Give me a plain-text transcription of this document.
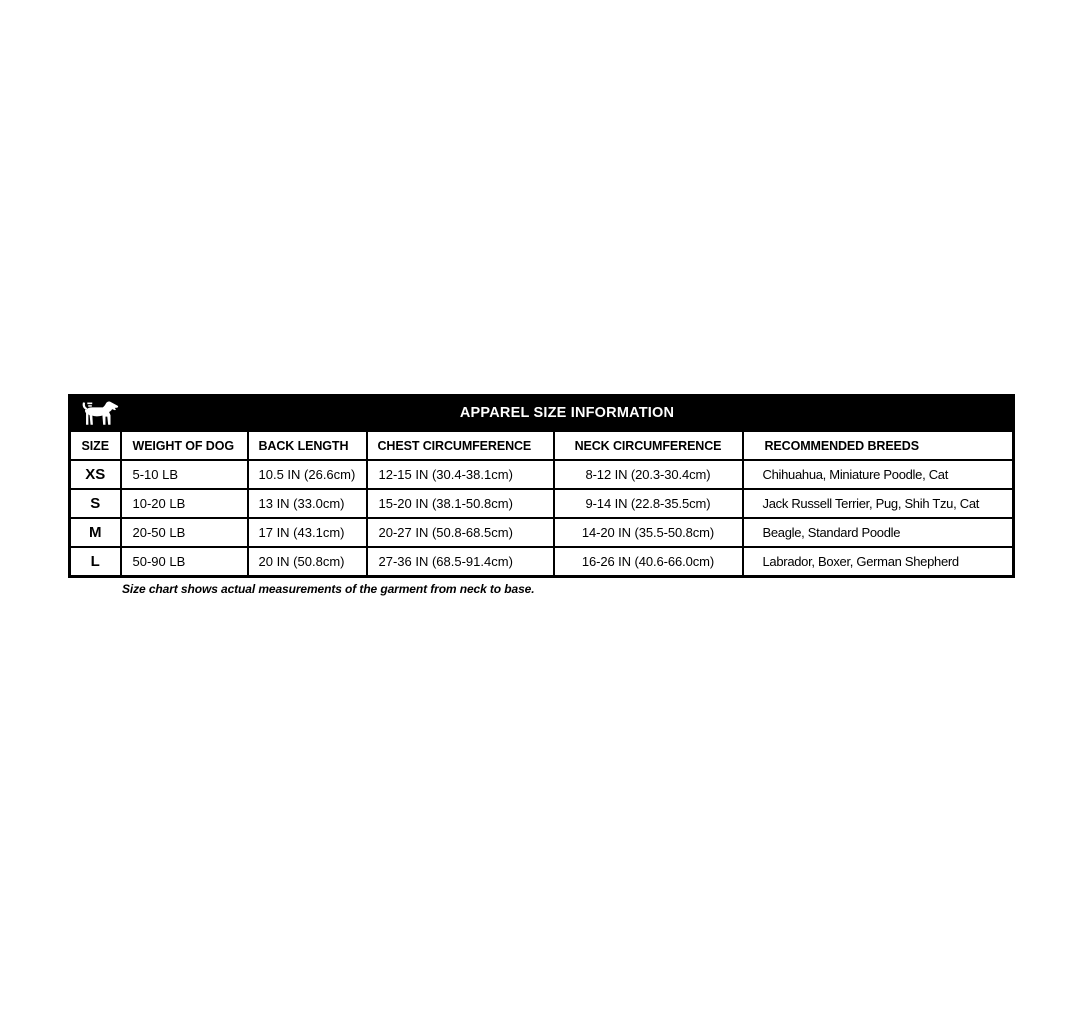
APPAREL SIZE INFORMATION					

SIZE	WEIGHT OF DOG	BACK LENGTH	CHEST CIRCUMFERENCE	NECK CIRCUMFERENCE	RECOMMENDED BREEDS
XS	5-10 LB	10.5 IN (26.6cm)	12-15 IN (30.4-38.1cm)	8-12 IN (20.3-30.4cm)	Chihuahua, Miniature Poodle, Cat
S	10-20 LB	13 IN (33.0cm)	15-20 IN (38.1-50.8cm)	9-14 IN (22.8-35.5cm)	Jack Russell Terrier, Pug, Shih Tzu, Cat
M	20-50 LB	17 IN (43.1cm)	20-27 IN (50.8-68.5cm)	14-20 IN (35.5-50.8cm)	Beagle, Standard Poodle
L	50-90 LB	20 IN (50.8cm)	27-36 IN (68.5-91.4cm)	16-26 IN (40.6-66.0cm)	Labrador, Boxer, German Shepherd
Size chart shows actual measurements of the garment from neck to base.
